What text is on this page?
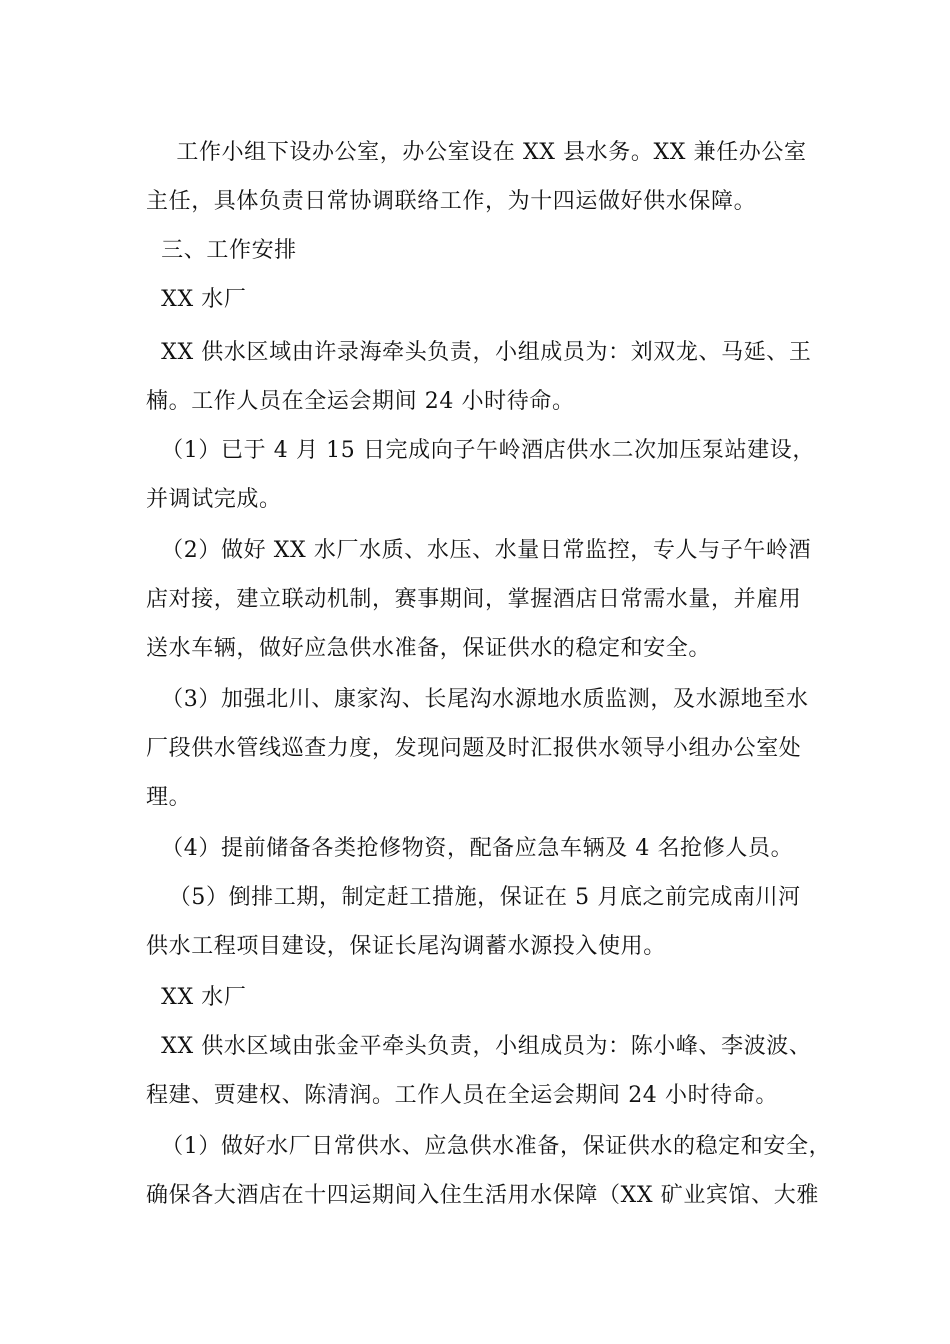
工作小组下设办公室，办公室设在 XX 县水务。XX 兼任办公室
主任，具体负责日常协调联络工作，为十四运做好供水保障。
三、工作安排
XX 水厂
XX 供水区域由许录海牵头负责，小组成员为：刘双龙、马延、王
楠。工作人员在全运会期间 24 小时待命。
（1）已于 4 月 15 日完成向子午岭酒店供水二次加压泵站建设，
并调试完成。
（2）做好 XX 水厂水质、水压、水量日常监控，专人与子午岭酒
店对接，建立联动机制，赛事期间，掌握酒店日常需水量，并雇用
送水车辆，做好应急供水准备，保证供水的稳定和安全。
（3）加强北川、康家沟、长尾沟水源地水质监测，及水源地至水
厂段供水管线巡查力度，发现问题及时汇报供水领导小组办公室处
理。
（4）提前储备各类抢修物资，配备应急车辆及 4 名抢修人员。
（5）倒排工期，制定赶工措施，保证在 5 月底之前完成南川河
供水工程项目建设，保证长尾沟调蓄水源投入使用。
XX 水厂
XX 供水区域由张金平牵头负责，小组成员为：陈小峰、李波波、
程建、贾建权、陈清润。工作人员在全运会期间 24 小时待命。
（1）做好水厂日常供水、应急供水准备，保证供水的稳定和安全，
确保各大酒店在十四运期间入住生活用水保障（XX 矿业宾馆、大雅
